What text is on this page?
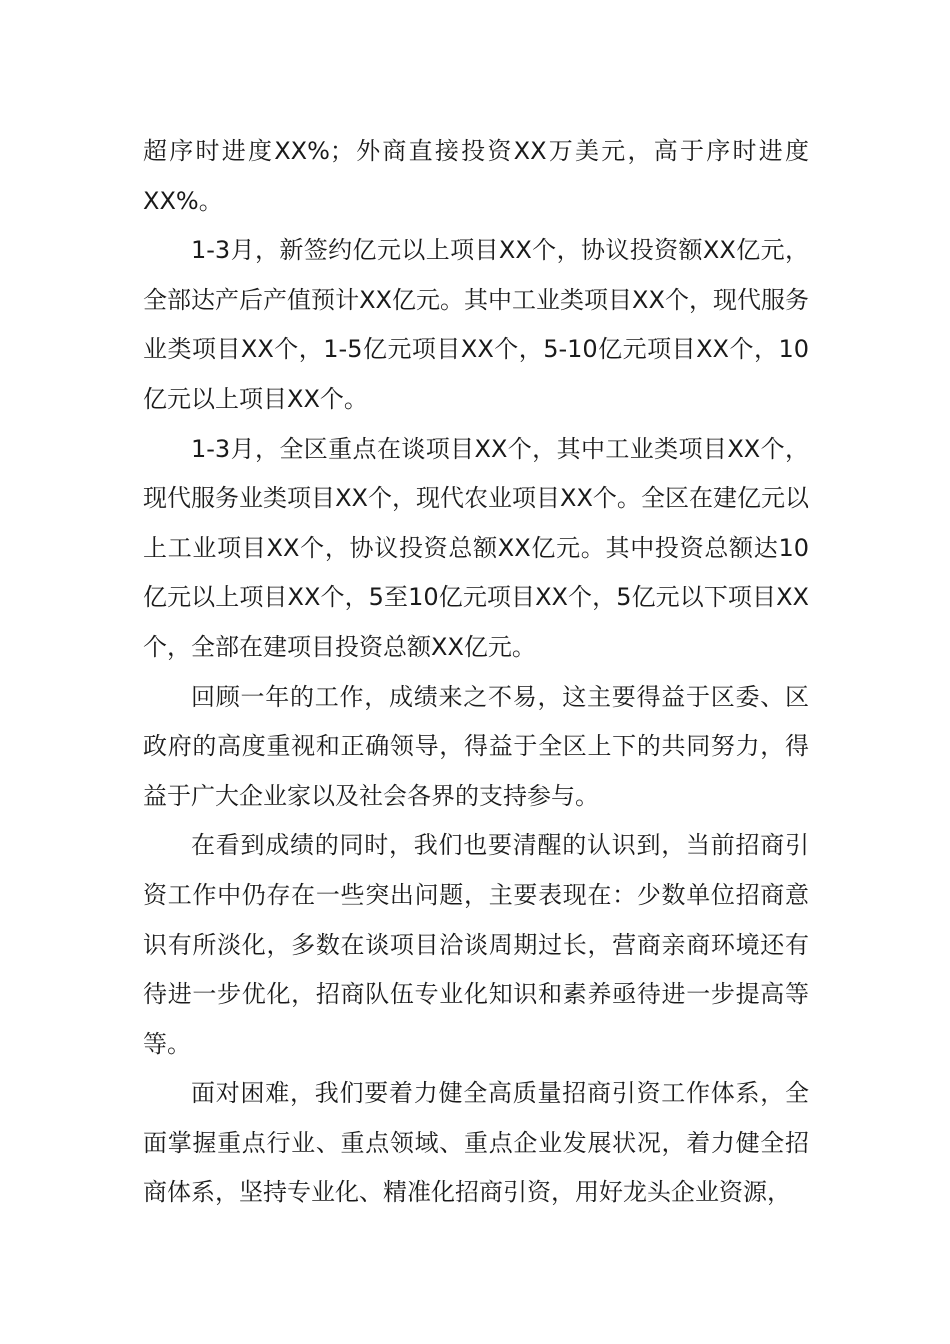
超序时进度XX%；外商直接投资XX万美元，高于序时进度XX%。

1-3月，新签约亿元以上项目XX个，协议投资额XX亿元，全部达产后产值预计XX亿元。其中工业类项目XX个，现代服务业类项目XX个，1-5亿元项目XX个，5-10亿元项目XX个，10亿元以上项目XX个。

1-3月，全区重点在谈项目XX个，其中工业类项目XX个，现代服务业类项目XX个，现代农业项目XX个。全区在建亿元以上工业项目XX个，协议投资总额XX亿元。其中投资总额达10亿元以上项目XX个，5至10亿元项目XX个，5亿元以下项目XX个，全部在建项目投资总额XX亿元。

回顾一年的工作，成绩来之不易，这主要得益于区委、区政府的高度重视和正确领导，得益于全区上下的共同努力，得益于广大企业家以及社会各界的支持参与。

在看到成绩的同时，我们也要清醒的认识到，当前招商引资工作中仍存在一些突出问题，主要表现在：少数单位招商意识有所淡化，多数在谈项目洽谈周期过长，营商亲商环境还有待进一步优化，招商队伍专业化知识和素养亟待进一步提高等等。

面对困难，我们要着力健全高质量招商引资工作体系，全面掌握重点行业、重点领域、重点企业发展状况，着力健全招商体系，坚持专业化、精准化招商引资，用好龙头企业资源，
